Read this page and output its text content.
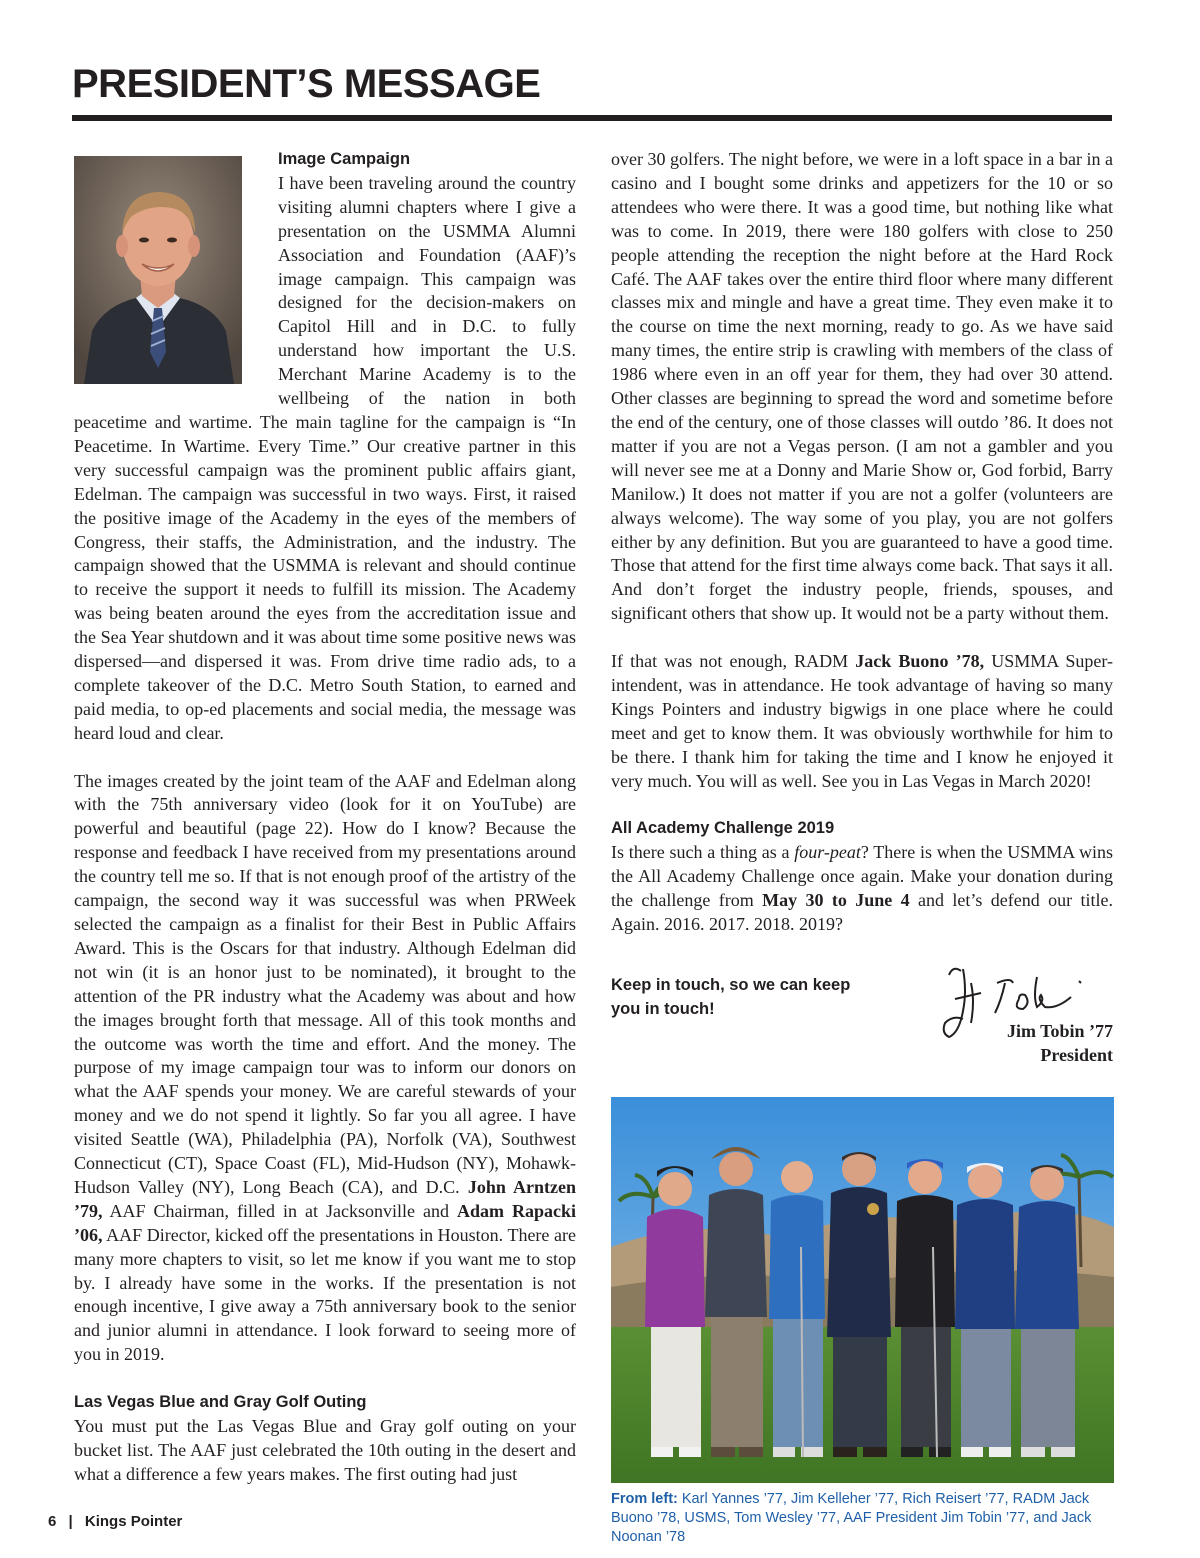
PRESIDENT’S MESSAGE

Image Campaign

I have been traveling around the country visiting alumni chapters where I give a presentation on the USMMA Alumni Association and Foundation (AAF)’s image campaign. This campaign was designed for the decision-makers on Capitol Hill and in D.C. to fully understand how important the U.S. Merchant Marine Academy is to the wellbeing of the nation in both peacetime and wartime. The main tagline for the campaign is “In Peacetime. In Wartime. Every Time.” Our creative partner in this very successful campaign was the prominent public affairs giant, Edelman. The campaign was successful in two ways. First, it raised the positive image of the Academy in the eyes of the members of Congress, their staffs, the Administration, and the industry. The campaign showed that the USMMA is relevant and should continue to receive the support it needs to fulfill its mission. The Academy was being beaten around the eyes from the accreditation issue and the Sea Year shutdown and it was about time some positive news was dispersed—and dispersed it was. From drive time radio ads, to a complete takeover of the D.C. Metro South Station, to earned and paid media, to op-ed placements and social media, the message was heard loud and clear.

The images created by the joint team of the AAF and Edelman along with the 75th anniversary video (look for it on YouTube) are powerful and beautiful (page 22). How do I know? Because the response and feedback I have received from my presentations around the country tell me so. If that is not enough proof of the artistry of the campaign, the second way it was successful was when PRWeek selected the campaign as a finalist for their Best in Public Affairs Award. This is the Oscars for that industry. Although Edelman did not win (it is an honor just to be nominated), it brought to the attention of the PR industry what the Academy was about and how the images brought forth that message. All of this took months and the outcome was worth the time and effort. And the money. The purpose of my image campaign tour was to inform our donors on what the AAF spends your money. We are careful stewards of your money and we do not spend it lightly. So far you all agree. I have visited Seattle (WA), Philadelphia (PA), Norfolk (VA), Southwest Connecticut (CT), Space Coast (FL), Mid-Hudson (NY), Mohawk-Hudson Valley (NY), Long Beach (CA), and D.C. John Arntzen ’79, AAF Chairman, filled in at Jacksonville and Adam Rapacki ’06, AAF Director, kicked off the presentations in Houston. There are many more chapters to visit, so let me know if you want me to stop by. I already have some in the works. If the presentation is not enough incentive, I give away a 75th anniversary book to the senior and junior alumni in attendance. I look forward to seeing more of you in 2019.

Las Vegas Blue and Gray Golf Outing

You must put the Las Vegas Blue and Gray golf outing on your bucket list. The AAF just celebrated the 10th outing in the desert and what a difference a few years makes. The first outing had just

over 30 golfers. The night before, we were in a loft space in a bar in a casino and I bought some drinks and appetizers for the 10 or so attendees who were there. It was a good time, but nothing like what was to come. In 2019, there were 180 golfers with close to 250 people attending the reception the night before at the Hard Rock Café. The AAF takes over the entire third floor where many different classes mix and mingle and have a great time. They even make it to the course on time the next morning, ready to go. As we have said many times, the entire strip is crawling with members of the class of 1986 where even in an off year for them, they had over 30 attend. Other classes are beginning to spread the word and sometime before the end of the century, one of those classes will outdo ’86. It does not matter if you are not a Vegas person. (I am not a gambler and you will never see me at a Donny and Marie Show or, God forbid, Barry Manilow.) It does not matter if you are not a golfer (volunteers are always welcome). The way some of you play, you are not golfers either by any definition. But you are guaranteed to have a good time. Those that attend for the first time always come back. That says it all. And don’t forget the industry people, friends, spouses, and significant others that show up. It would not be a party without them.

If that was not enough, RADM Jack Buono ’78, USMMA Super-intendent, was in attendance. He took advantage of having so many Kings Pointers and industry bigwigs in one place where he could meet and get to know them. It was obviously worthwhile for him to be there. I thank him for taking the time and I know he enjoyed it very much. You will as well. See you in Las Vegas in March 2020!

All Academy Challenge 2019

Is there such a thing as a four-peat? There is when the USMMA wins the All Academy Challenge once again. Make your donation during the challenge from May 30 to June 4 and let’s defend our title. Again. 2016. 2017. 2018. 2019?

Keep in touch, so we can keep you in touch!
Jim Tobin ’77
President
From left: Karl Yannes ’77, Jim Kelleher ’77, Rich Reisert ’77, RADM Jack Buono ’78, USMS, Tom Wesley ’77, AAF President Jim Tobin ’77, and Jack Noonan ’78
6 | Kings Pointer
